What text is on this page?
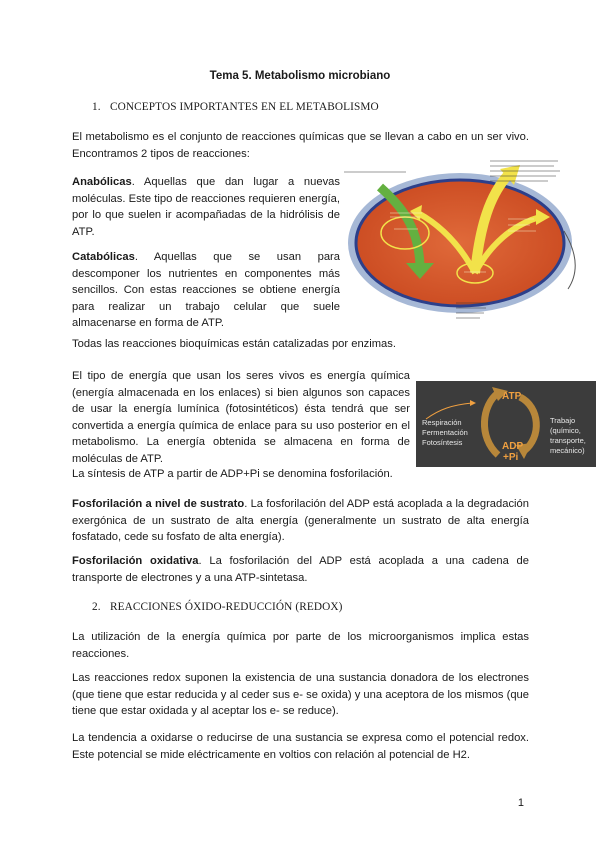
Tema 5. Metabolismo microbiano
1. CONCEPTOS IMPORTANTES EN EL METABOLISMO
El metabolismo es el conjunto de reacciones químicas que se llevan a cabo en un ser vivo. Encontramos 2 tipos de reacciones:
Anabólicas. Aquellas que dan lugar a nuevas moléculas. Este tipo de reacciones requieren energía, por lo que suelen ir acompañadas de la hidrólisis de ATP.
Catabólicas. Aquellas que se usan para descomponer los nutrientes en componentes más sencillos. Con estas reacciones se obtiene energía para realizar un trabajo celular que suele almacenarse en forma de ATP.
Todas las reacciones bioquímicas están catalizadas por enzimas.
El tipo de energía que usan los seres vivos es energía química (energía almacenada en los enlaces) si bien algunos son capaces de usar la energía lumínica (fotosintéticos) ésta tendrá que ser convertida a energía química de enlace para su uso posterior en el metabolismo. La energía obtenida se almacena en forma de moléculas de ATP.
ATP
ADP
+Pi
Respiración
Fermentación
Fotosíntesis
Trabajo
(químico,
transporte,
mecánico)
La síntesis de ATP a partir de ADP+Pi se denomina fosforilación.
Fosforilación a nivel de sustrato. La fosforilación del ADP está acoplada a la degradación exergónica de un sustrato de alta energía (generalmente un sustrato de alta energía fosfatado, cede su fosfato de alta energía).
Fosforilación oxidativa. La fosforilación del ADP está acoplada a una cadena de transporte de electrones y a una ATP-sintetasa.
2. REACCIONES ÓXIDO-REDUCCIÓN (REDOX)
La utilización de la energía química por parte de los microorganismos implica estas reacciones.
Las reacciones redox suponen la existencia de una sustancia donadora de los electrones (que tiene que estar reducida y al ceder sus e- se oxida) y una aceptora de los mismos (que tiene que estar oxidada y al aceptar los e- se reduce).
La tendencia a oxidarse o reducirse de una sustancia se expresa como el potencial redox. Este potencial se mide eléctricamente en voltios con relación al potencial de H2.
1
